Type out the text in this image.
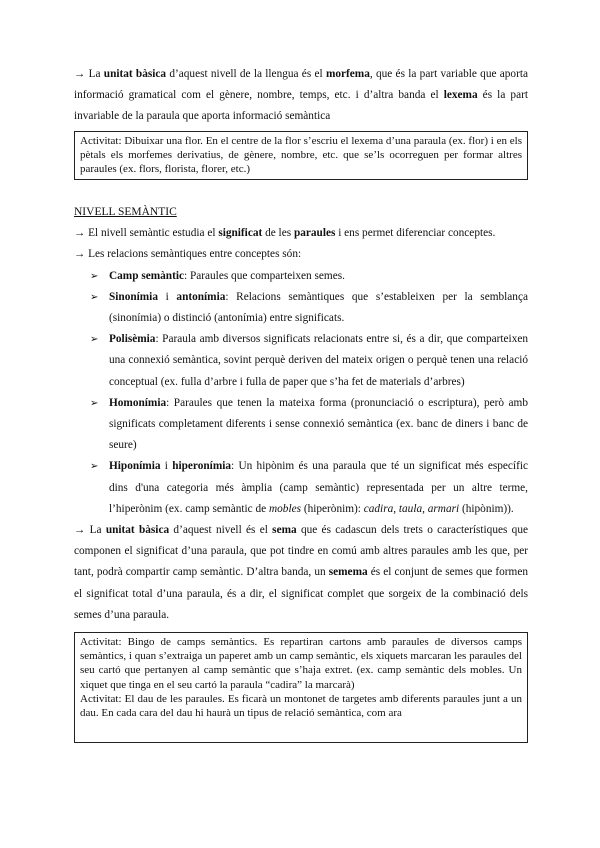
→ La unitat bàsica d’aquest nivell de la llengua és el morfema, que és la part variable que aporta informació gramatical com el gènere, nombre, temps, etc. i d’altra banda el lexema és la part invariable de la paraula que aporta informació semàntica

Activitat: Dibuixar una flor. En el centre de la flor s’escriu el lexema d’una paraula (ex. flor) i en els pètals els morfemes derivatius, de gènere, nombre, etc. que se’ls ocorreguen per formar altres paraules (ex. flors, florista, florer, etc.)

NIVELL SEMÀNTIC

→ El nivell semàntic estudia el significat de les paraules i ens permet diferenciar conceptes.

→ Les relacions semàntiques entre conceptes són:

➢ Camp semàntic: Paraules que comparteixen semes.
➢ Sinonímia i antonímia: Relacions semàntiques que s’estableixen per la semblança (sinonímia) o distinció (antonímia) entre significats.
➢ Polisèmia: Paraula amb diversos significats relacionats entre si, és a dir, que comparteixen una connexió semàntica, sovint perquè deriven del mateix origen o perquè tenen una relació conceptual (ex. fulla d’arbre i fulla de paper que s’ha fet de materials d’arbres)
➢ Homonímia: Paraules que tenen la mateixa forma (pronunciació o escriptura), però amb significats completament diferents i sense connexió semàntica (ex. banc de diners i banc de seure)
➢ Hiponímia i hiperonímia: Un hipònim és una paraula que té un significat més específic dins d'una categoria més àmplia (camp semàntic) representada per un altre terme, l’hiperònim (ex. camp semàntic de mobles (hiperònim): cadira, taula, armari (hipònim)).

→ La unitat bàsica d’aquest nivell és el sema que és cadascun dels trets o característiques que componen el significat d’una paraula, que pot tindre en comú amb altres paraules amb les que, per tant, podrà compartir camp semàntic. D’altra banda, un semema és el conjunt de semes que formen el significat total d’una paraula, és a dir, el significat complet que sorgeix de la combinació dels semes d’una paraula.

Activitat: Bingo de camps semàntics. Es repartiran cartons amb paraules de diversos camps semàntics, i quan s’extraiga un paperet amb un camp semàntic, els xiquets marcaran les paraules del seu cartó que pertanyen al camp semàntic que s’haja extret. (ex. camp semàntic dels mobles. Un xiquet que tinga en el seu cartó la paraula “cadira” la marcarà)
Activitat: El dau de les paraules. Es ficarà un montonet de targetes amb diferents paraules junt a un dau. En cada cara del dau hi haurà un tipus de relació semàntica, com ara
